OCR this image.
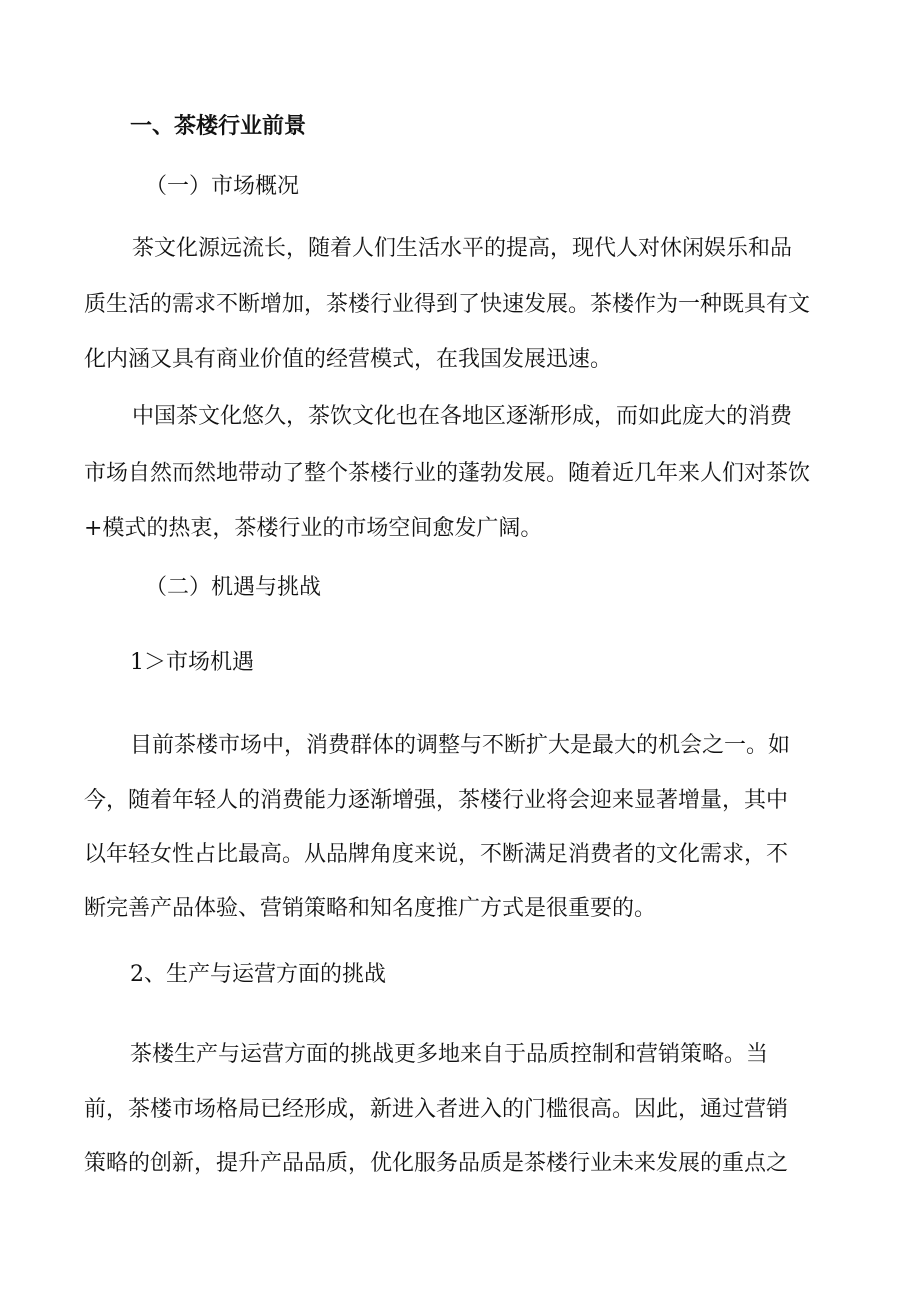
一、茶楼行业前景

（一）市场概况

茶文化源远流长，随着人们生活水平的提高，现代人对休闲娱乐和品

质生活的需求不断增加，茶楼行业得到了快速发展。茶楼作为一种既具有文

化内涵又具有商业价值的经营模式，在我国发展迅速。

中国茶文化悠久，茶饮文化也在各地区逐渐形成，而如此庞大的消费

市场自然而然地带动了整个茶楼行业的蓬勃发展。随着近几年来人们对茶饮

+模式的热衷，茶楼行业的市场空间愈发广阔。

（二）机遇与挑战

1＞市场机遇

目前茶楼市场中，消费群体的调整与不断扩大是最大的机会之一。如

今，随着年轻人的消费能力逐渐增强，茶楼行业将会迎来显著增量，其中

以年轻女性占比最高。从品牌角度来说，不断满足消费者的文化需求，不

断完善产品体验、营销策略和知名度推广方式是很重要的。

2、生产与运营方面的挑战

茶楼生产与运营方面的挑战更多地来自于品质控制和营销策略。当

前，茶楼市场格局已经形成，新进入者进入的门槛很高。因此，通过营销

策略的创新，提升产品品质，优化服务品质是茶楼行业未来发展的重点之
